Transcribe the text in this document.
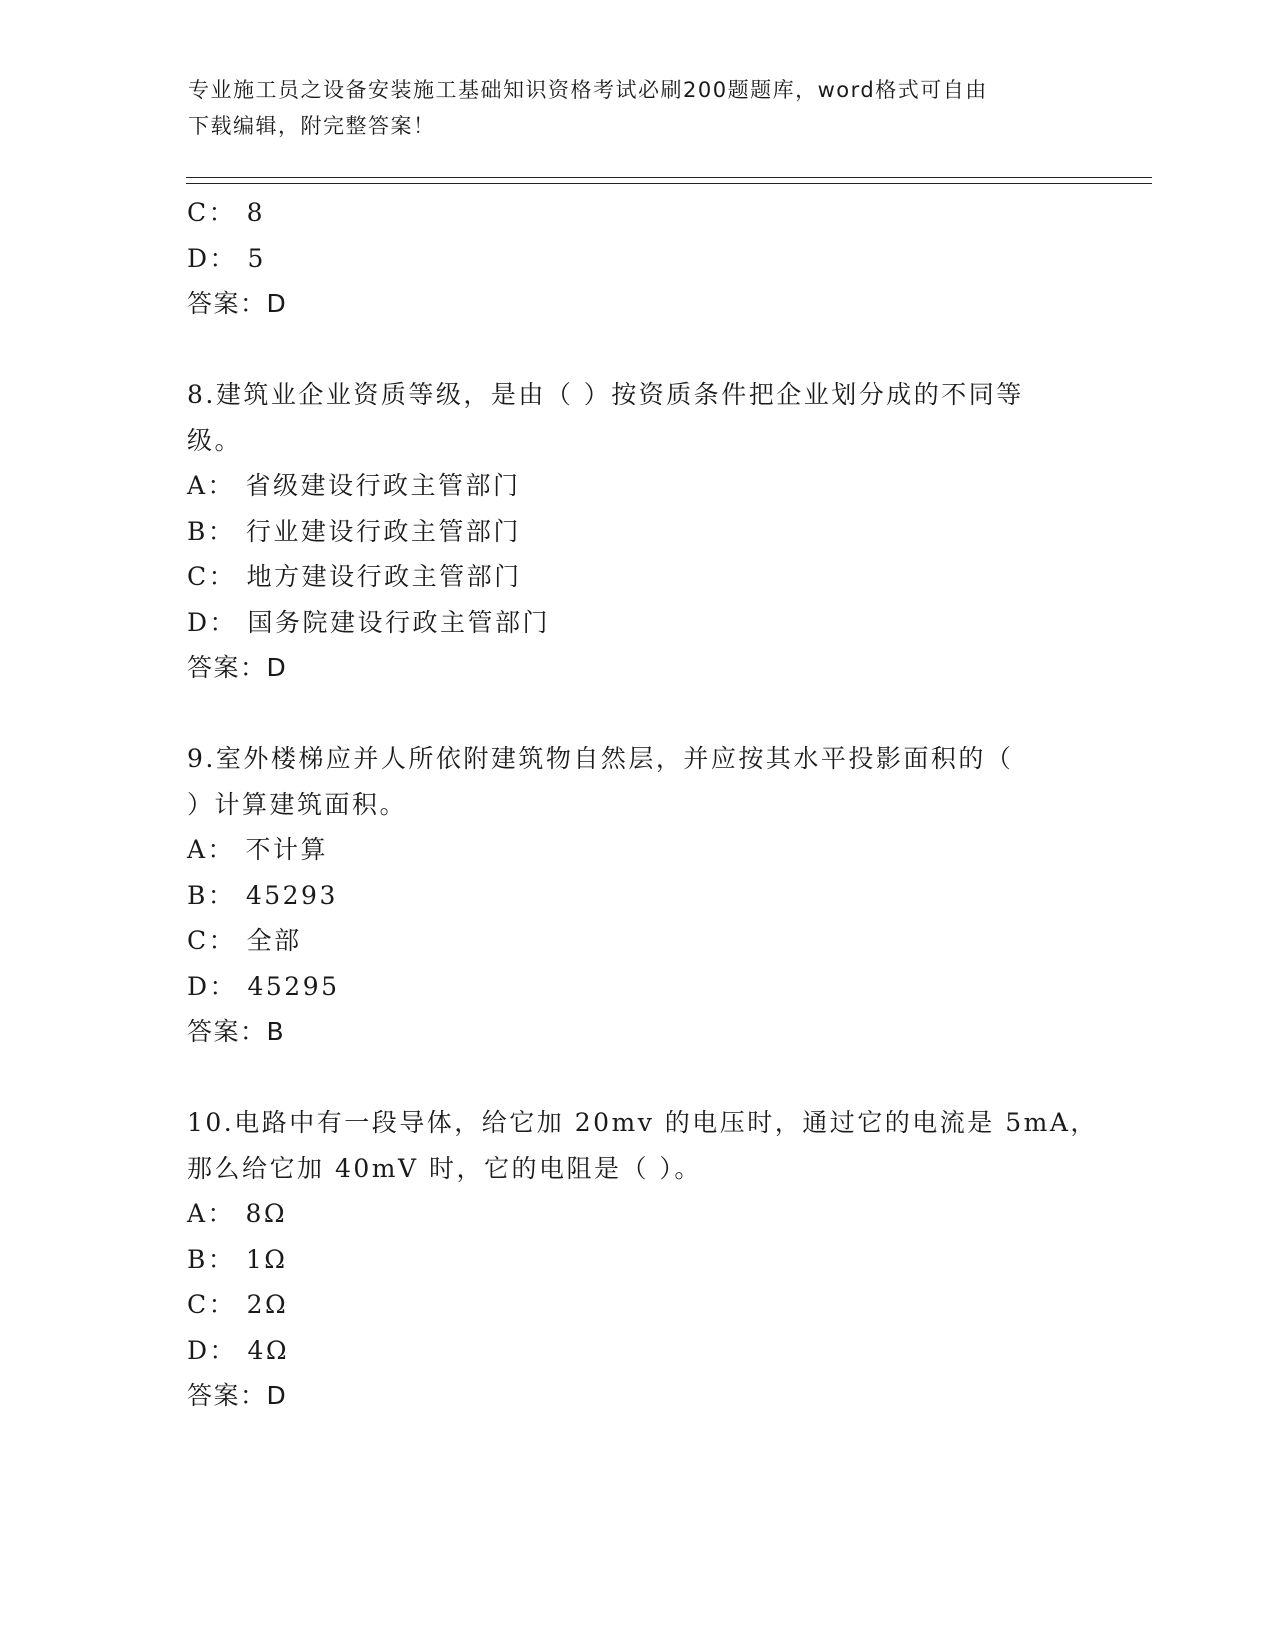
专业施工员之设备安装施工基础知识资格考试必刷200题题库，word格式可自由
下载编辑，附完整答案！
C： 8
D： 5
答案：D
8.建筑业企业资质等级，是由（ ）按资质条件把企业划分成的不同等
级。
A： 省级建设行政主管部门
B： 行业建设行政主管部门
C： 地方建设行政主管部门
D： 国务院建设行政主管部门
答案：D
9.室外楼梯应并人所依附建筑物自然层，并应按其水平投影面积的（
）计算建筑面积。
A： 不计算
B： 45293
C： 全部
D： 45295
答案：B
10.电路中有一段导体，给它加 20mv 的电压时，通过它的电流是 5mA，
那么给它加 40mV 时，它的电阻是（ ）。
A： 8Ω
B： 1Ω
C： 2Ω
D： 4Ω
答案：D
